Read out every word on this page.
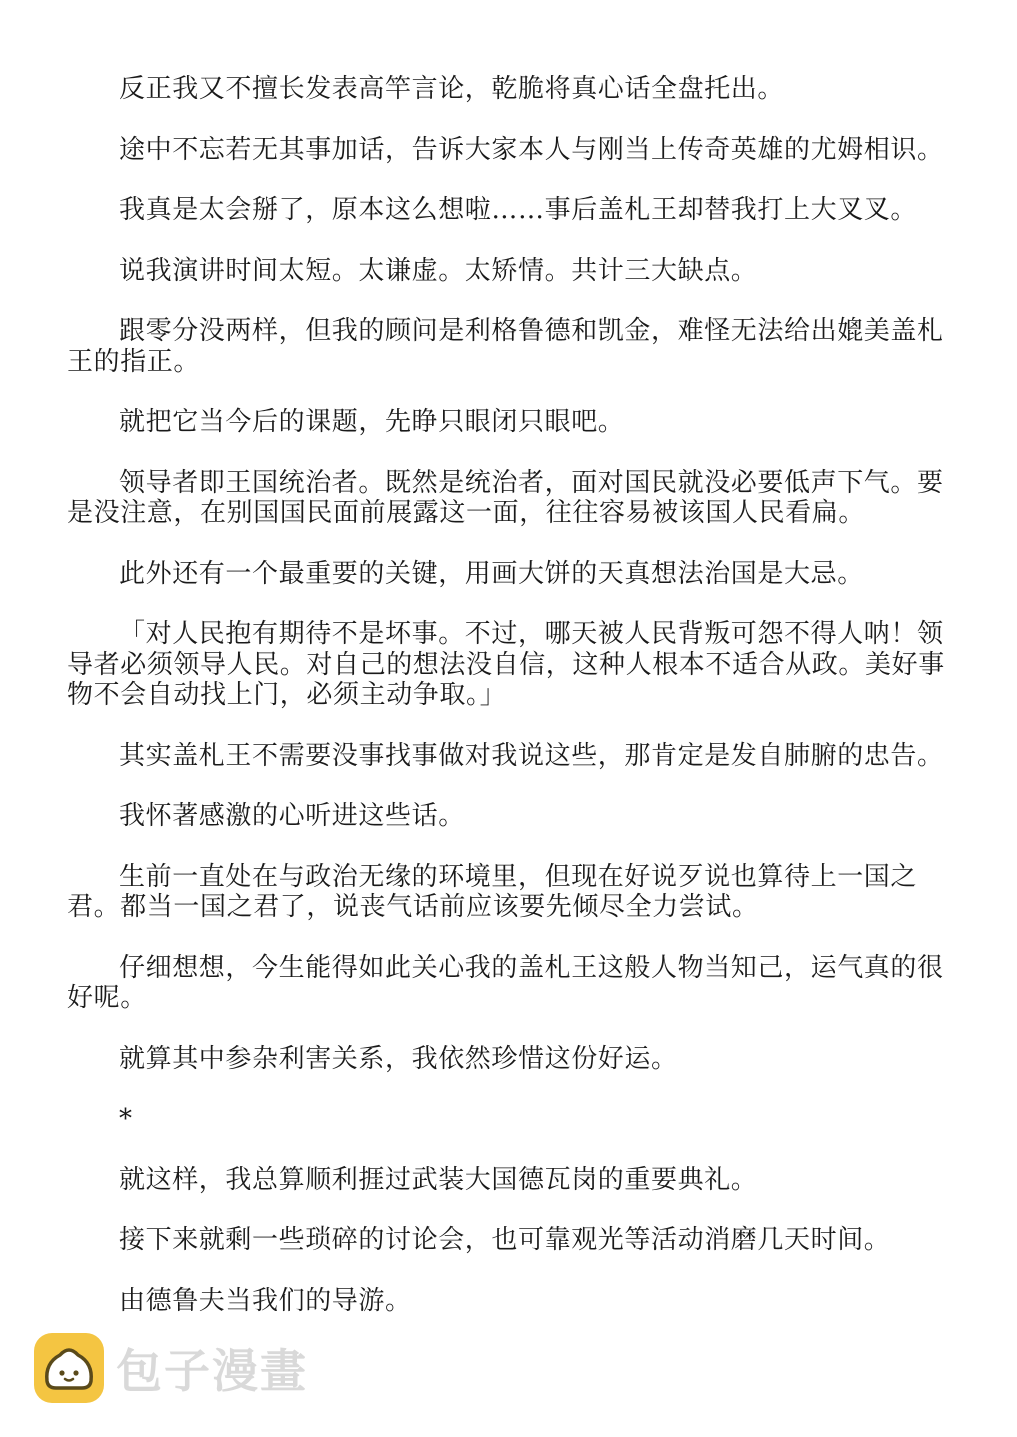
反正我又不擅长发表高竿言论，乾脆将真心话全盘托出。

途中不忘若无其事加话，告诉大家本人与刚当上传奇英雄的尤姆相识。

我真是太会掰了，原本这么想啦……事后盖札王却替我打上大叉叉。

说我演讲时间太短。太谦虚。太矫情。共计三大缺点。

跟零分没两样，但我的顾问是利格鲁德和凯金，难怪无法给出媲美盖札王的指正。

就把它当今后的课题，先睁只眼闭只眼吧。

领导者即王国统治者。既然是统治者，面对国民就没必要低声下气。要是没注意，在别国国民面前展露这一面，往往容易被该国人民看扁。

此外还有一个最重要的关键，用画大饼的天真想法治国是大忌。

「对人民抱有期待不是坏事。不过，哪天被人民背叛可怨不得人呐！领导者必须领导人民。对自己的想法没自信，这种人根本不适合从政。美好事物不会自动找上门，必须主动争取。」

其实盖札王不需要没事找事做对我说这些，那肯定是发自肺腑的忠告。

我怀著感激的心听进这些话。

生前一直处在与政治无缘的环境里，但现在好说歹说也算待上一国之君。都当一国之君了，说丧气话前应该要先倾尽全力尝试。

仔细想想，今生能得如此关心我的盖札王这般人物当知己，运气真的很好呢。

就算其中参杂利害关系，我依然珍惜这份好运。

*

就这样，我总算顺利捱过武装大国德瓦岗的重要典礼。

接下来就剩一些琐碎的讨论会，也可靠观光等活动消磨几天时间。

由德鲁夫当我们的导游。

包子漫畫
